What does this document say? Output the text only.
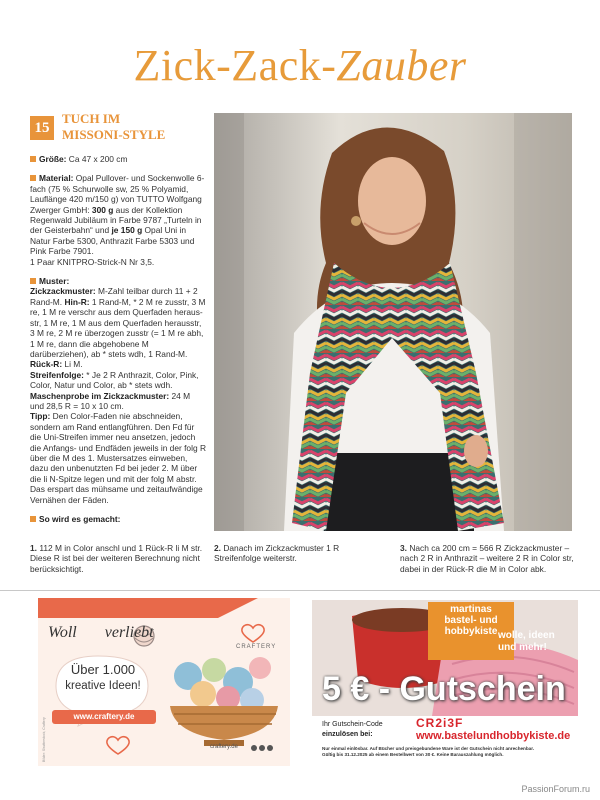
Zick-Zack-Zauber
15
TUCH IM
MISSONI-STYLE

Größe: Ca 47 x 200 cm

Material: Opal Pullover- und Sockenwolle 6-fach (75 % Schurwolle sw, 25 % Polyamid, Lauflänge 420 m/150 g) von TUTTO Wolfgang Zwerger GmbH: 300 g aus der Kollektion Regenwald Jubiläum in Farbe 9787 „Turteln in der Geisterbahn“ und je 150 g Opal Uni in Natur Farbe 5300, Anthrazit Farbe 5303 und Pink Farbe 7901.
1 Paar KNITPRO-Strick-N Nr 3,5.

Muster:
Zickzackmuster: M-Zahl teilbar durch 11 + 2 Rand-M. Hin-R: 1 Rand-M, * 2 M re zusstr, 3 M re, 1 M re verschr aus dem Querfaden herausstr, 1 M re, 1 M aus dem Querfaden herausstr, 3 M re, 2 M re überzogen zusstr (= 1 M re abh, 1 M re, dann die abgehobene M darüberziehen), ab * stets wdh, 1 Rand-M. Rück-R: Li M.
Streifenfolge: * Je 2 R Anthrazit, Color, Pink, Color, Natur und Color, ab * stets wdh.
Maschenprobe im Zickzackmuster: 24 M und 28,5 R = 10 x 10 cm.
Tipp: Den Color-Faden nie abschneiden, sondern am Rand entlangführen. Den Fd für die Uni-Streifen immer neu ansetzen, jedoch die Anfangs- und Endfäden jeweils in der folg R über die M des 1. Mustersatzes einweben, dazu den unbenutzten Fd bei jeder 2. M über die li N-Spitze legen und mit der folg M abstr. Das erspart das mühsame und zeitaufwändige Vernähen der Fäden.

So wird es gemacht:

1. 112 M in Color anschl und 1 Rück-R li M str. Diese R ist bei der weiteren Berechnung nicht berücksichtigt.
2. Danach im Zickzackmuster 1 R Streifenfolge weiterstr.
3. Nach ca 200 cm = 566 R Zickzackmuster – nach 2 R in Anthrazit – weitere 2 R in Color str, dabei in der Rück-R die M in Color abk.
Woll verliebt
CRAFTERY
Über 1.000
kreative Ideen!
www.craftery.de
craftery.de
Bilder: Shutterstock, Craftery
martinas
bastel- und
hobbykiste wolle, ideen
und mehr!
5 € - Gutschein
Ihr Gutschein-Code
einzulösen bei:
CR2i3F
www.bastelundhobbykiste.de
Nur einmal einlösbar. Auf Bücher und preisgebundene Ware ist der Gutschein nicht anrechenbar.
Gültig bis 31.12.2025 ab einem Bestellwert von 30 €. Keine Barauszahlung möglich.
PassionForum.ru
